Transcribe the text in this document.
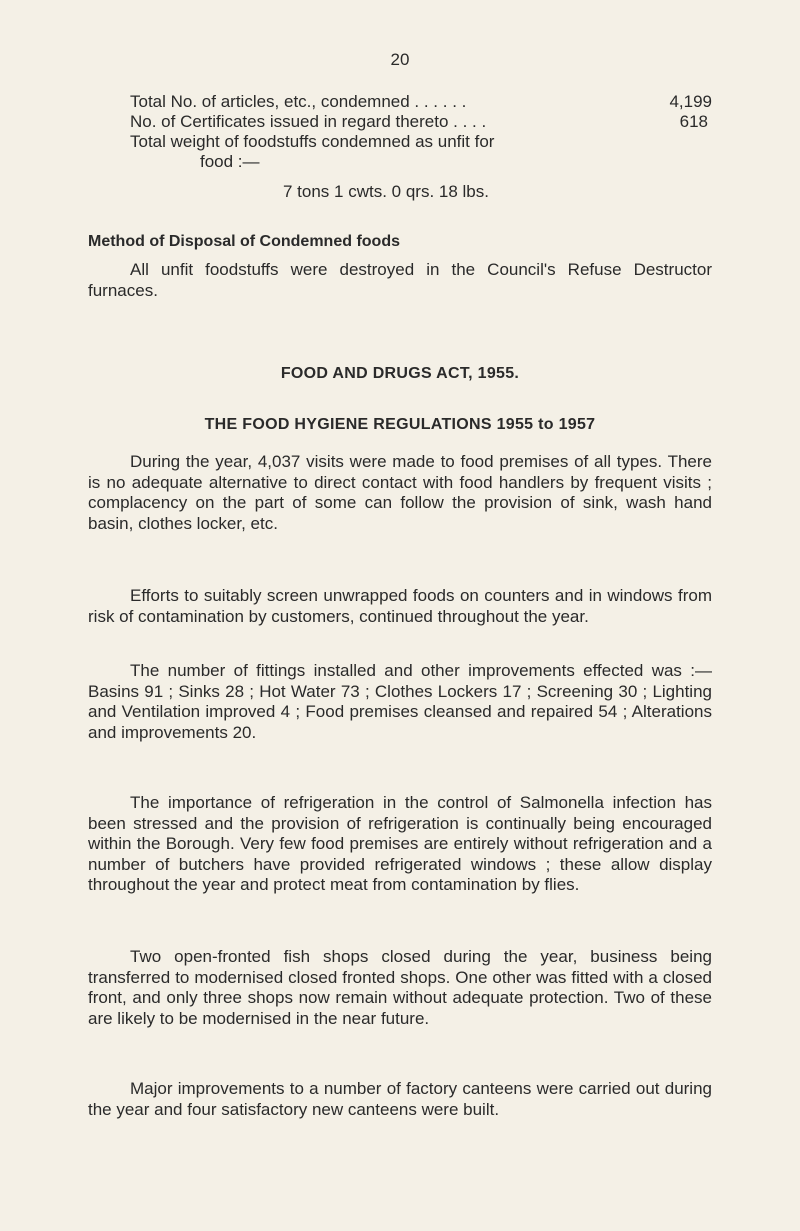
20
Total No. of articles, etc., condemned . . . . . .	4,199
No. of Certificates issued in regard thereto . . . .	618
Total weight of foodstuffs condemned as unfit for
food :—
7 tons 1 cwts. 0 qrs. 18 lbs.
Method of Disposal of Condemned foods

All unfit foodstuffs were destroyed in the Council's Refuse Destructor furnaces.

FOOD AND DRUGS ACT, 1955.
THE FOOD HYGIENE REGULATIONS 1955 to 1957

During the year, 4,037 visits were made to food premises of all types. There is no adequate alternative to direct contact with food handlers by frequent visits ; complacency on the part of some can follow the provision of sink, wash hand basin, clothes locker, etc.

Efforts to suitably screen unwrapped foods on counters and in windows from risk of contamination by customers, continued throughout the year.

The number of fittings installed and other improvements effected was :—Basins 91 ; Sinks 28 ; Hot Water 73 ; Clothes Lockers 17 ; Screening 30 ; Lighting and Ventilation improved 4 ; Food premises cleansed and repaired 54 ; Alterations and improvements 20.

The importance of refrigeration in the control of Salmonella infection has been stressed and the provision of refrigeration is continually being encouraged within the Borough. Very few food premises are entirely without refrigeration and a number of butchers have provided refrigerated windows ; these allow display throughout the year and protect meat from contamination by flies.

Two open-fronted fish shops closed during the year, business being transferred to modernised closed fronted shops. One other was fitted with a closed front, and only three shops now remain without adequate protection. Two of these are likely to be modernised in the near future.

Major improvements to a number of factory canteens were carried out during the year and four satisfactory new canteens were built.
